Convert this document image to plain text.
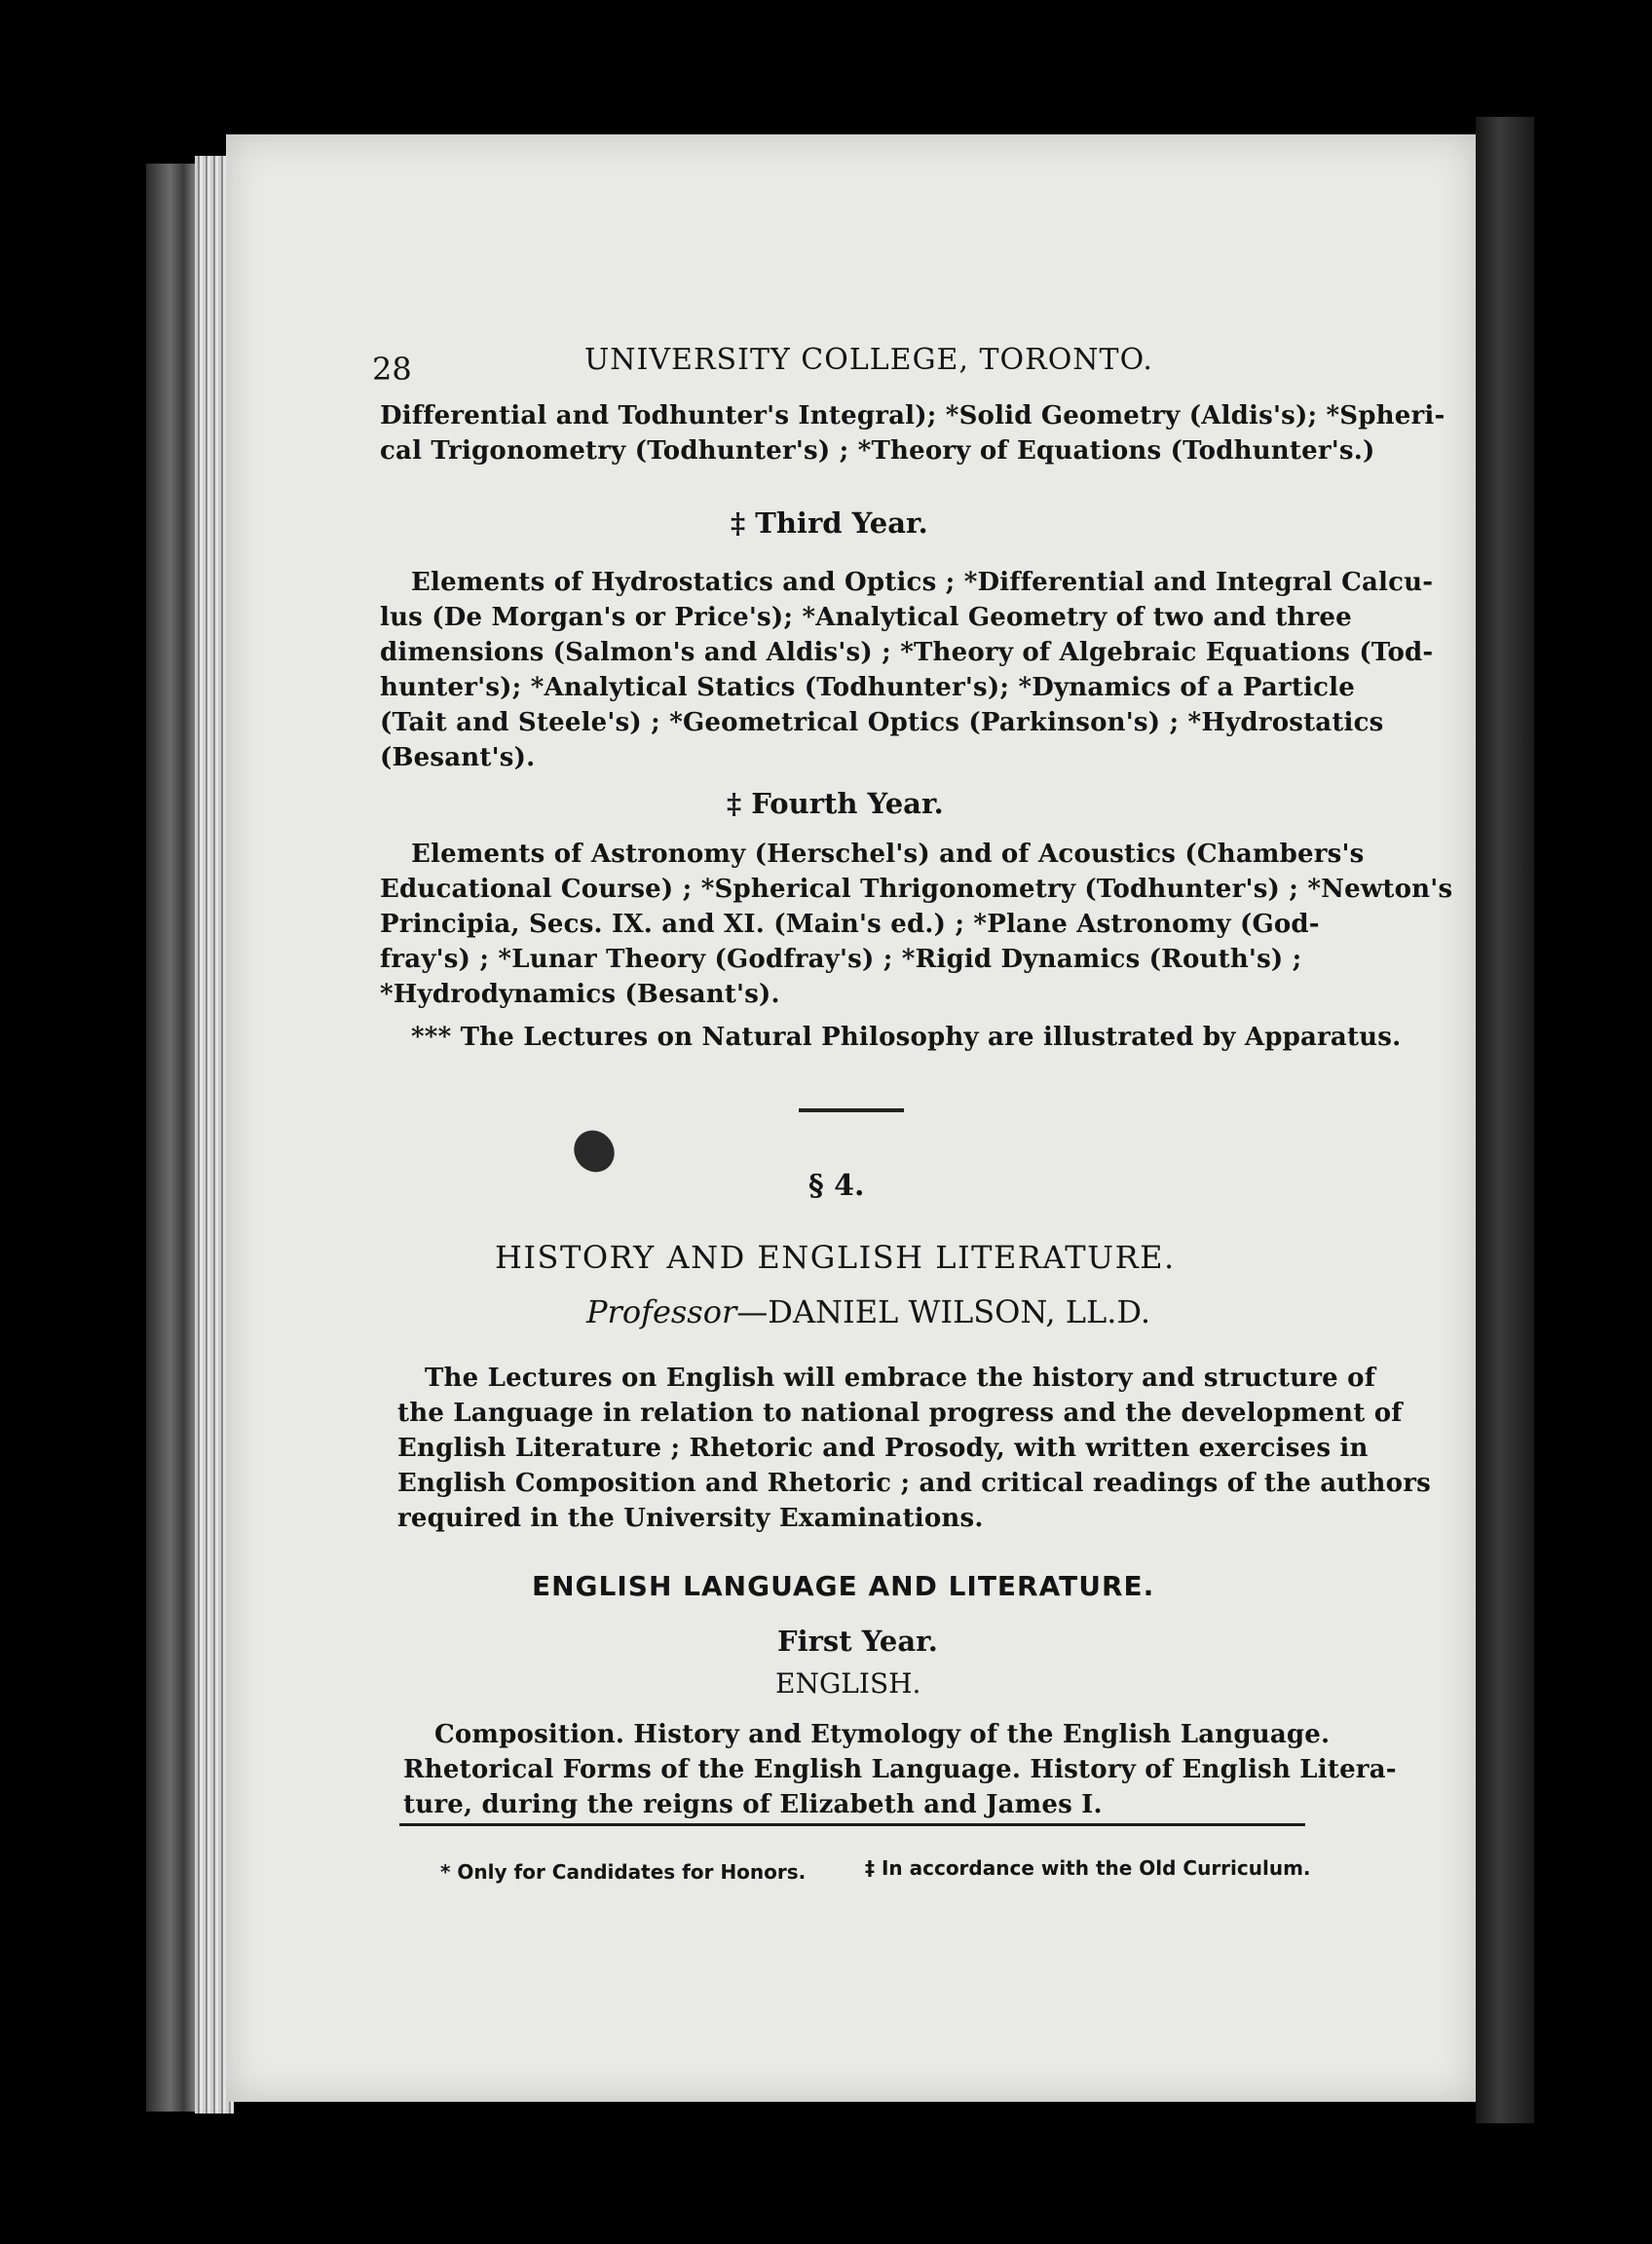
28	UNIVERSITY COLLEGE, TORONTO.
Differential and Todhunter's Integral); *Solid Geometry (Aldis's); *Spheri-
cal Trigonometry (Todhunter's) ; *Theory of Equations (Todhunter's.)
‡ Third Year.
Elements of Hydrostatics and Optics ; *Differential and Integral Calcu-
lus (De Morgan's or Price's); *Analytical Geometry of two and three
dimensions (Salmon's and Aldis's) ; *Theory of Algebraic Equations (Tod-
hunter's); *Analytical Statics (Todhunter's); *Dynamics of a Particle
(Tait and Steele's) ; *Geometrical Optics (Parkinson's) ; *Hydrostatics
(Besant's).
‡ Fourth Year.
Elements of Astronomy (Herschel's) and of Acoustics (Chambers's
Educational Course) ; *Spherical Thrigonometry (Todhunter's) ; *Newton's
Principia, Secs. IX. and XI. (Main's ed.) ; *Plane Astronomy (God-
fray's) ; *Lunar Theory (Godfray's) ; *Rigid Dynamics (Routh's) ;
*Hydrodynamics (Besant's).
*** The Lectures on Natural Philosophy are illustrated by Apparatus.
§ 4.
HISTORY AND ENGLISH LITERATURE.
Professor—DANIEL WILSON, LL.D.
The Lectures on English will embrace the history and structure of
the Language in relation to national progress and the development of
English Literature ; Rhetoric and Prosody, with written exercises in
English Composition and Rhetoric ; and critical readings of the authors
required in the University Examinations.
ENGLISH LANGUAGE AND LITERATURE.
First Year.
ENGLISH.
Composition. History and Etymology of the English Language.
Rhetorical Forms of the English Language. History of English Litera-
ture, during the reigns of Elizabeth and James I.
* Only for Candidates for Honors.	‡ In accordance with the Old Curriculum.
